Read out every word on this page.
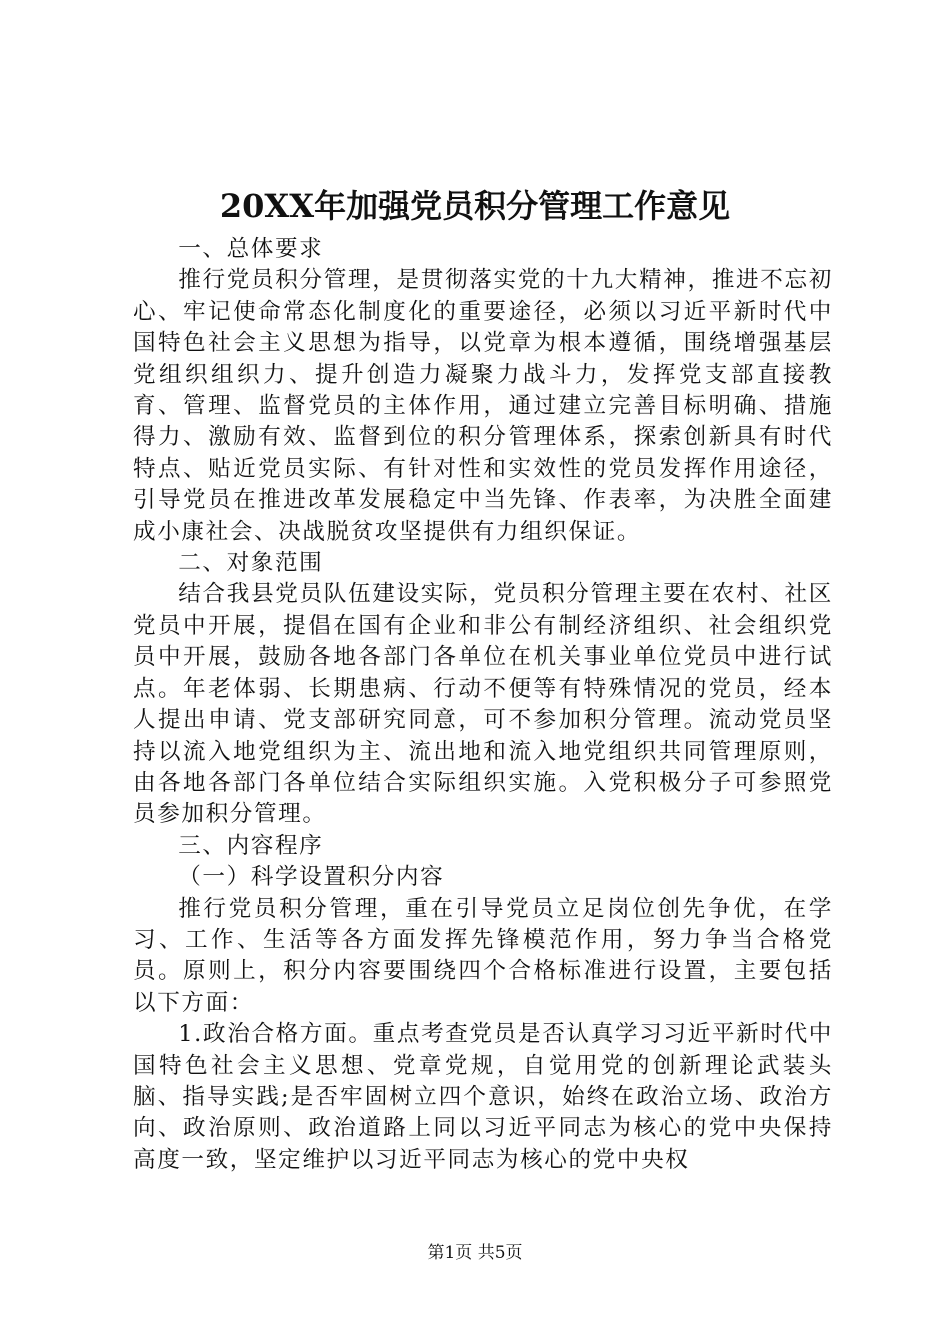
20XX年加强党员积分管理工作意见

一、总体要求

推行党员积分管理，是贯彻落实党的十九大精神，推进不忘初心、牢记使命常态化制度化的重要途径，必须以习近平新时代中国特色社会主义思想为指导，以党章为根本遵循，围绕增强基层党组织组织力、提升创造力凝聚力战斗力，发挥党支部直接教育、管理、监督党员的主体作用，通过建立完善目标明确、措施得力、激励有效、监督到位的积分管理体系，探索创新具有时代特点、贴近党员实际、有针对性和实效性的党员发挥作用途径，引导党员在推进改革发展稳定中当先锋、作表率，为决胜全面建成小康社会、决战脱贫攻坚提供有力组织保证。

二、对象范围

结合我县党员队伍建设实际，党员积分管理主要在农村、社区党员中开展，提倡在国有企业和非公有制经济组织、社会组织党员中开展，鼓励各地各部门各单位在机关事业单位党员中进行试点。年老体弱、长期患病、行动不便等有特殊情况的党员，经本人提出申请、党支部研究同意，可不参加积分管理。流动党员坚持以流入地党组织为主、流出地和流入地党组织共同管理原则，由各地各部门各单位结合实际组织实施。入党积极分子可参照党员参加积分管理。

三、内容程序

（一）科学设置积分内容

推行党员积分管理，重在引导党员立足岗位创先争优，在学习、工作、生活等各方面发挥先锋模范作用，努力争当合格党员。原则上，积分内容要围绕四个合格标准进行设置，主要包括以下方面：

1.政治合格方面。重点考查党员是否认真学习习近平新时代中国特色社会主义思想、党章党规，自觉用党的创新理论武装头脑、指导实践;是否牢固树立四个意识，始终在政治立场、政治方向、政治原则、政治道路上同以习近平同志为核心的党中央保持高度一致，坚定维护以习近平同志为核心的党中央权

第1页 共5页
